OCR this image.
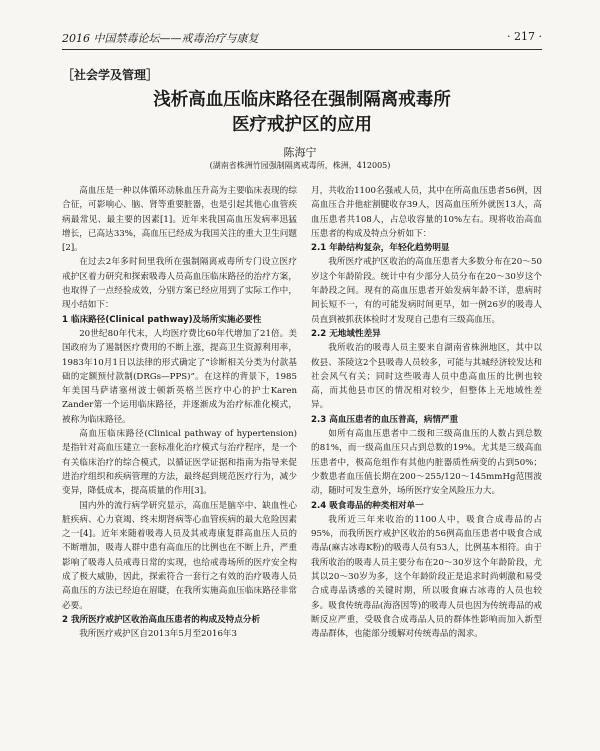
2016 中国禁毒论坛——戒毒治疗与康复	· 217 ·
［社会学及管理］
浅析高血压临床路径在强制隔离戒毒所
医疗戒护区的应用
陈海宁
(湖南省株洲竹园强制隔离戒毒所，株洲，412005)

高血压是一种以体循环动脉血压升高为主要临床表现的综合征，可影响心、脑、肾等重要脏器，也是引起其他心血管疾病最常见、最主要的因素[1]。近年来我国高血压发病率迅猛增长，已高达33%，高血压已经成为我国关注的重大卫生问题[2]。

在过去2年多时间里我所在强制隔离戒毒所专门设立医疗戒护区着力研究和探索吸毒人员高血压临床路径的治疗方案，也取得了一点经验成效，分别方案已经应用到了实际工作中，现小结如下：

1 临床路径(Clinical pathway)及场所实施必要性

20世纪80年代末，人均医疗费比60年代增加了21倍。美国政府为了遏制医疗费用的不断上涨，提高卫生资源利用率，1983年10月1日以法律的形式确定了“诊断相关分类为付款基础的定额预付款制(DRGs—PPS)”。在这样的背景下，1985年美国马萨诸塞州波士顿新英格兰医疗中心的护士Karen Zander第一个运用临床路径，并逐渐成为治疗标准化模式，被称为临床路径。

高血压临床路径(Clinical pathway of hypertension)是指针对高血压建立一套标准化治疗模式与治疗程序，是一个有关临床治疗的综合模式，以循证医学证据和指南为指导来促进治疗组织和疾病管理的方法，最终起到规范医疗行为，减少变异，降低成本，提高质量的作用[3]。

国内外的流行病学研究显示，高血压是脑卒中、缺血性心脏疾病、心力衰竭、终末期肾病等心血管疾病的最大危险因素之一[4]。近年来随着吸毒人员及其戒毒康复群高血压人员的不断增加，吸毒人群中患有高血压的比例也在不断上升，严重影响了吸毒人员戒毒日常的实现，也给戒毒场所的医疗安全构成了极大威胁，因此，探索符合一套行之有效的治疗吸毒人员高血压的方法已经迫在眉睫，在我所实施高血压临床路径非常必要。

2 我所医疗戒护区收治高血压患者的构成及特点分析

我所医疗戒护区自2013年5月至2016年3

月，共收治1100名强戒人员，其中在所高血压患者56例，因高血压合并他症割腱收存39人，因高血压所外就医13人，高血压患者共108人，占总收容量的10%左右。现将收治高血压患者的构成及特点分析如下：

2.1 年龄结构复杂，年轻化趋势明显

我所医疗戒护区收治的高血压患者大多数分布在20～50岁这个年龄阶段。统计中有少部分人员分布在20～30岁这个年龄段之间。现有的高血压患者开始发病年龄不详，患病时间长短不一，有的可能发病时间更早，如一例26岁的吸毒人员直到被抓获体检时才发现自己患有三级高血压。

2.2 无地域性差异

我所收治的吸毒人员主要来自湖南省株洲地区，其中以攸县、茶陵这2个县吸毒人员较多，可能与其城经济较发达和社会风气有关；同时这些吸毒人员中患高血压的比例也较高，而其他县市区的情况相对较少，但整体上无地域性差异。

2.3 高血压患者的血压普高，病情严重

如所有高血压患者中二级和三级高血压的人数占到总数的81%，而一级高血压只占到总数的19%。尤其是三级高血压患者中，极高危组作有其他内脏器质性病变的占到50%；少数患者血压值长期在200～255/120～145mmHg范围波动，随时可发生意外，场所医疗安全风险压力大。

2.4 吸食毒品的种类相对单一

我所近三年来收治的1100人中，吸食合成毒品的占95%，而我所医疗戒护区收治的56例高血压患者中吸食合成毒品(麻古冰毒K粉)的吸毒人员有53人，比例基本相符。由于我所收治的吸毒人员主要分布在20～30岁这个年龄阶段，尤其以20～30岁为多，这个年龄阶段正是追求时尚刺激和易受合成毒品诱惑的关键时期，所以吸食麻古冰毒的人员也较多。吸食传统毒品(海洛因等)的吸毒人员也因为传统毒品的戒断反应严重，受吸食合成毒品人员的群体性影响而加入新型毒品群体，也能部分缓解对传统毒品的渴求。
